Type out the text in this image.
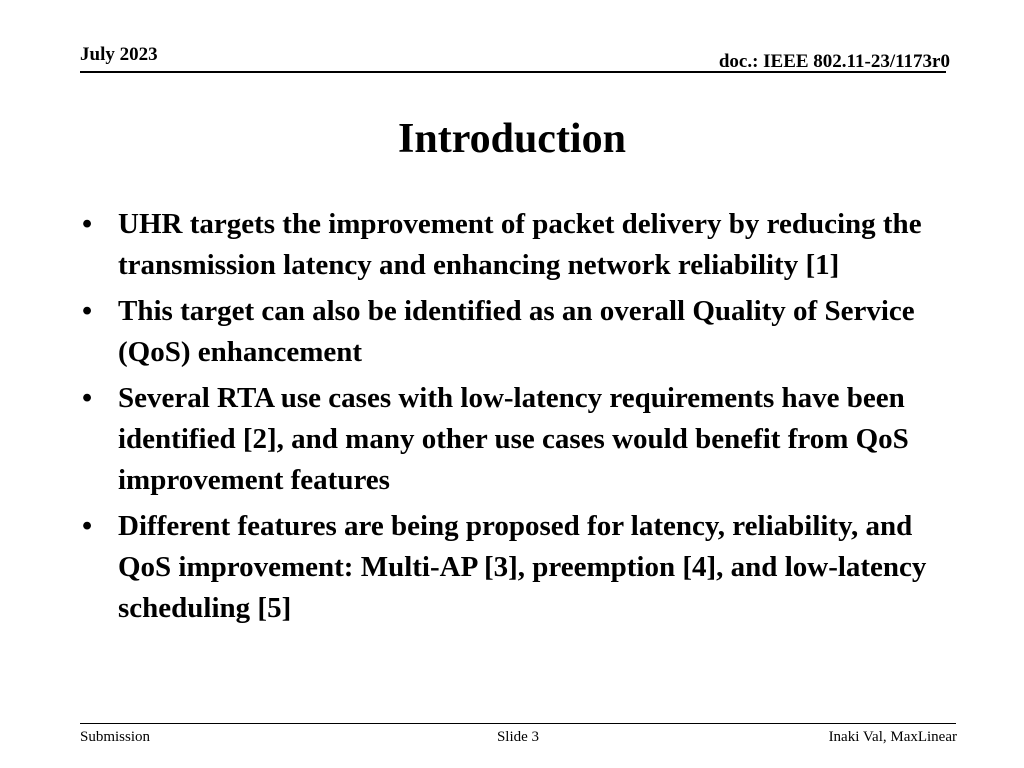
July 2023	doc.: IEEE 802.11-23/1173r0
Introduction
• UHR targets the improvement of packet delivery by reducing the transmission latency and enhancing network reliability [1]
• This target can also be identified as an overall Quality of Service (QoS) enhancement
• Several RTA use cases with low-latency requirements have been identified [2], and many other use cases would benefit from QoS improvement features
• Different features are being proposed for latency, reliability, and QoS improvement: Multi-AP [3], preemption [4], and low-latency scheduling [5]
Submission	Slide 3	Inaki Val, MaxLinear
